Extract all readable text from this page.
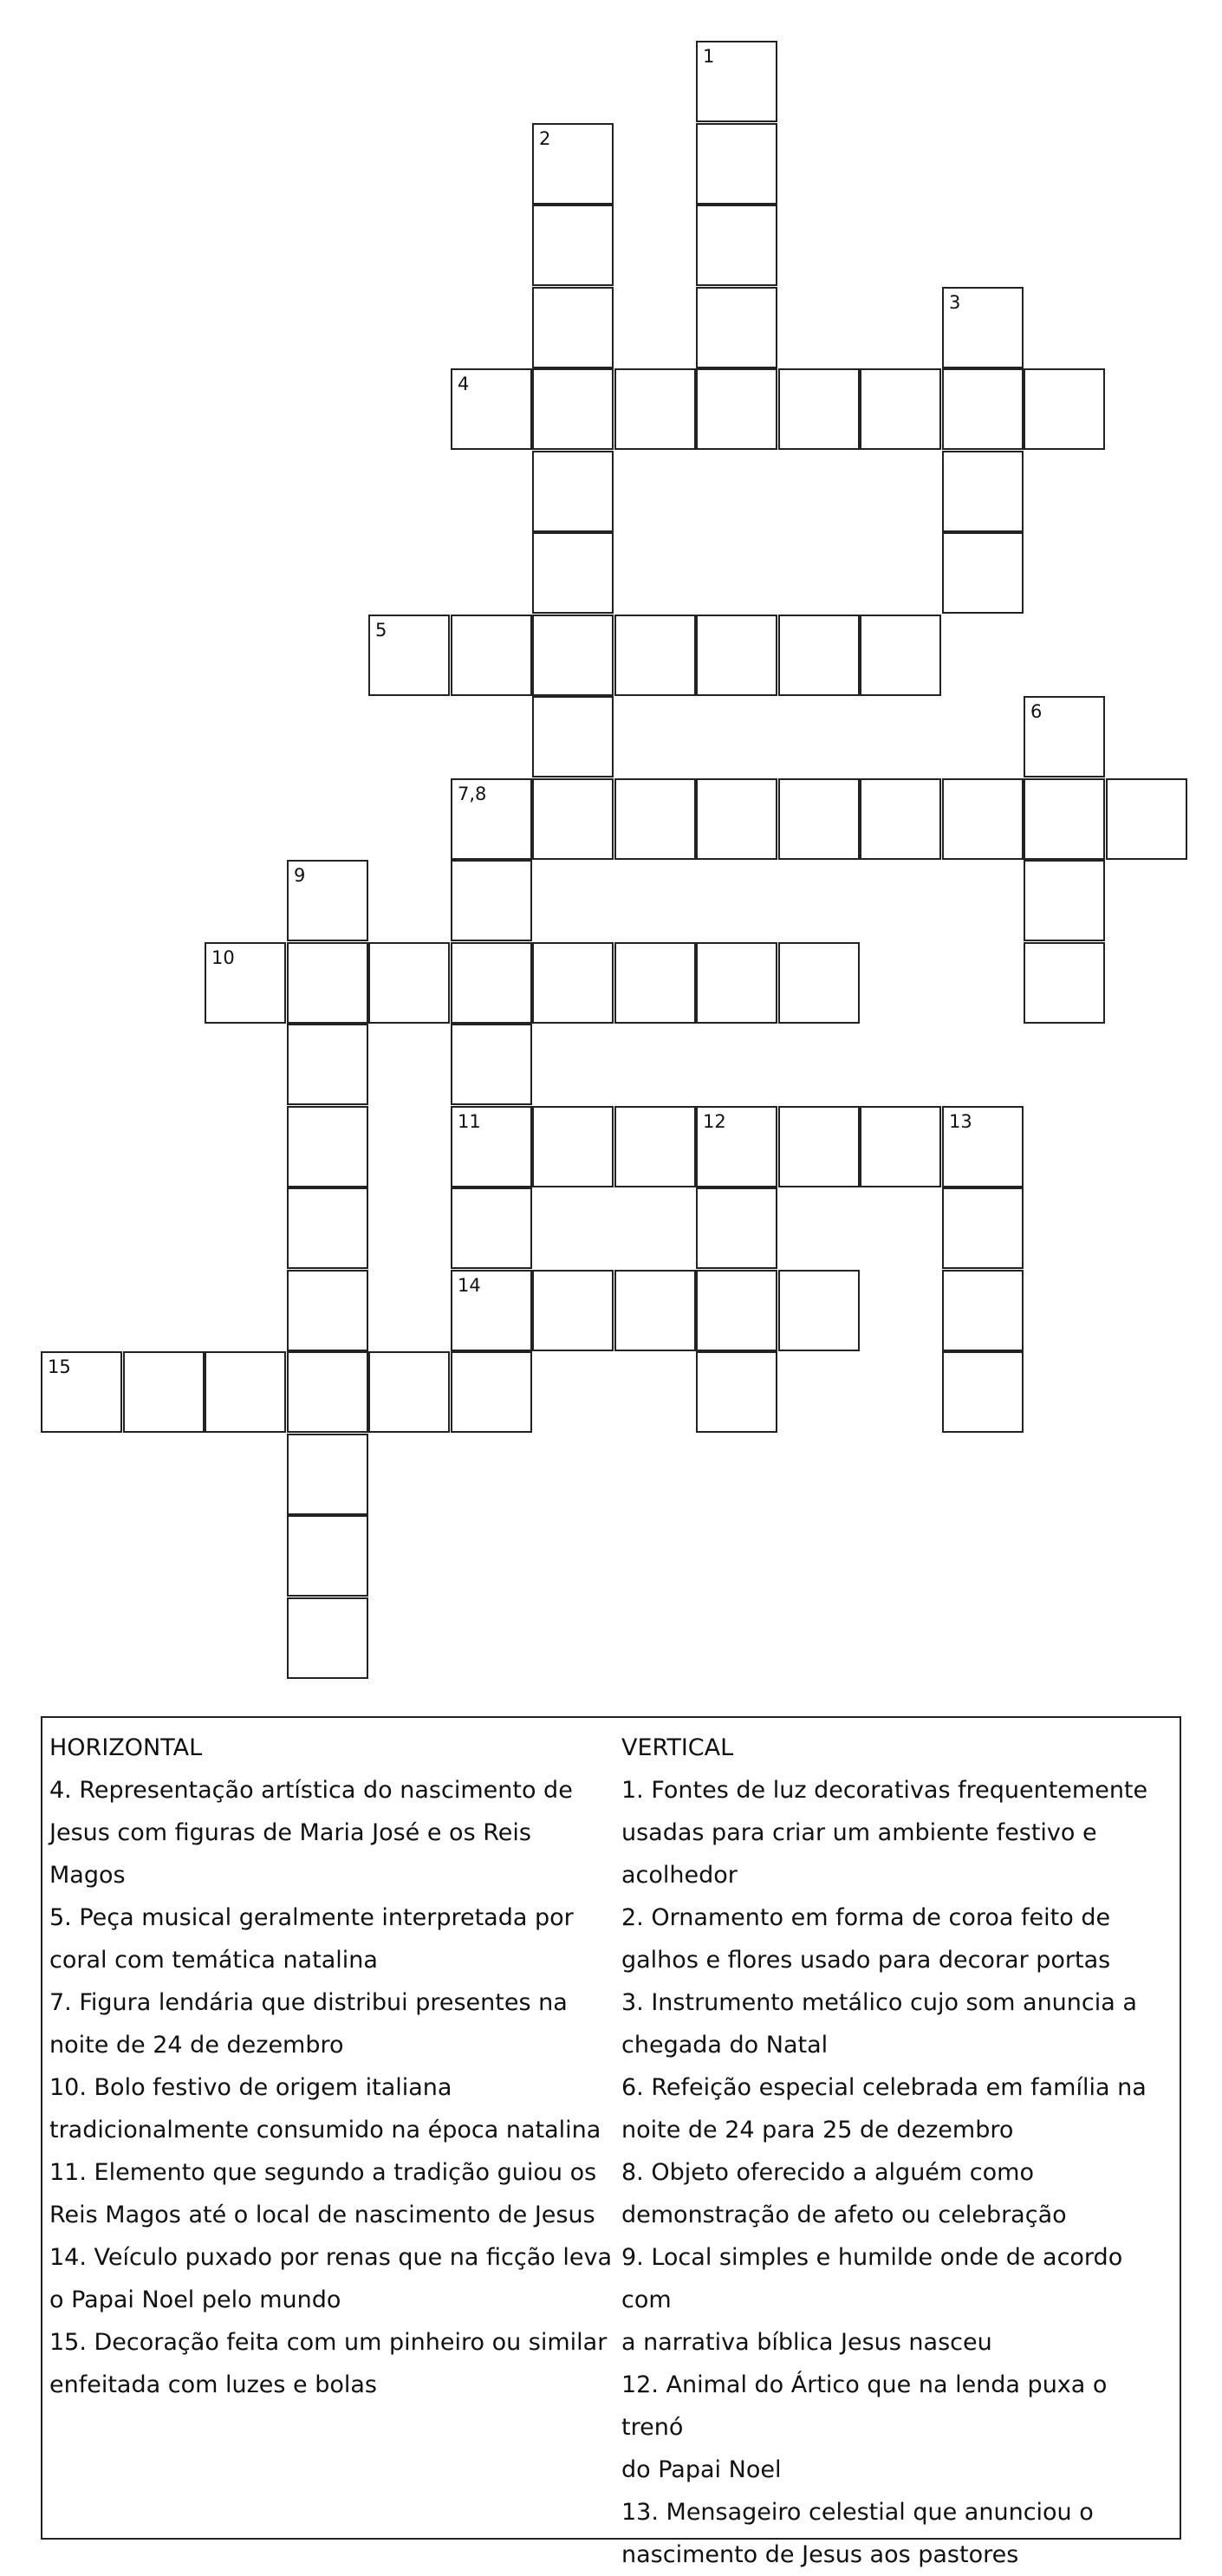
1
2
3
4
5
6
7,8
9
10
11	12	13
14
15

HORIZONTAL

4. Representação artística do nascimento de

Jesus com figuras de Maria José e os Reis

Magos

5. Peça musical geralmente interpretada por

coral com temática natalina

7. Figura lendária que distribui presentes na

noite de 24 de dezembro

10. Bolo festivo de origem italiana

tradicionalmente consumido na época natalina

11. Elemento que segundo a tradição guiou os

Reis Magos até o local de nascimento de Jesus

14. Veículo puxado por renas que na ficção leva

o Papai Noel pelo mundo

15. Decoração feita com um pinheiro ou similar

enfeitada com luzes e bolas

VERTICAL

1. Fontes de luz decorativas frequentemente

usadas para criar um ambiente festivo e

acolhedor

2. Ornamento em forma de coroa feito de

galhos e flores usado para decorar portas

3. Instrumento metálico cujo som anuncia a

chegada do Natal

6. Refeição especial celebrada em família na

noite de 24 para 25 de dezembro

8. Objeto oferecido a alguém como

demonstração de afeto ou celebração

9. Local simples e humilde onde de acordo com

a narrativa bíblica Jesus nasceu

12. Animal do Ártico que na lenda puxa o trenó

do Papai Noel

13. Mensageiro celestial que anunciou o

nascimento de Jesus aos pastores
